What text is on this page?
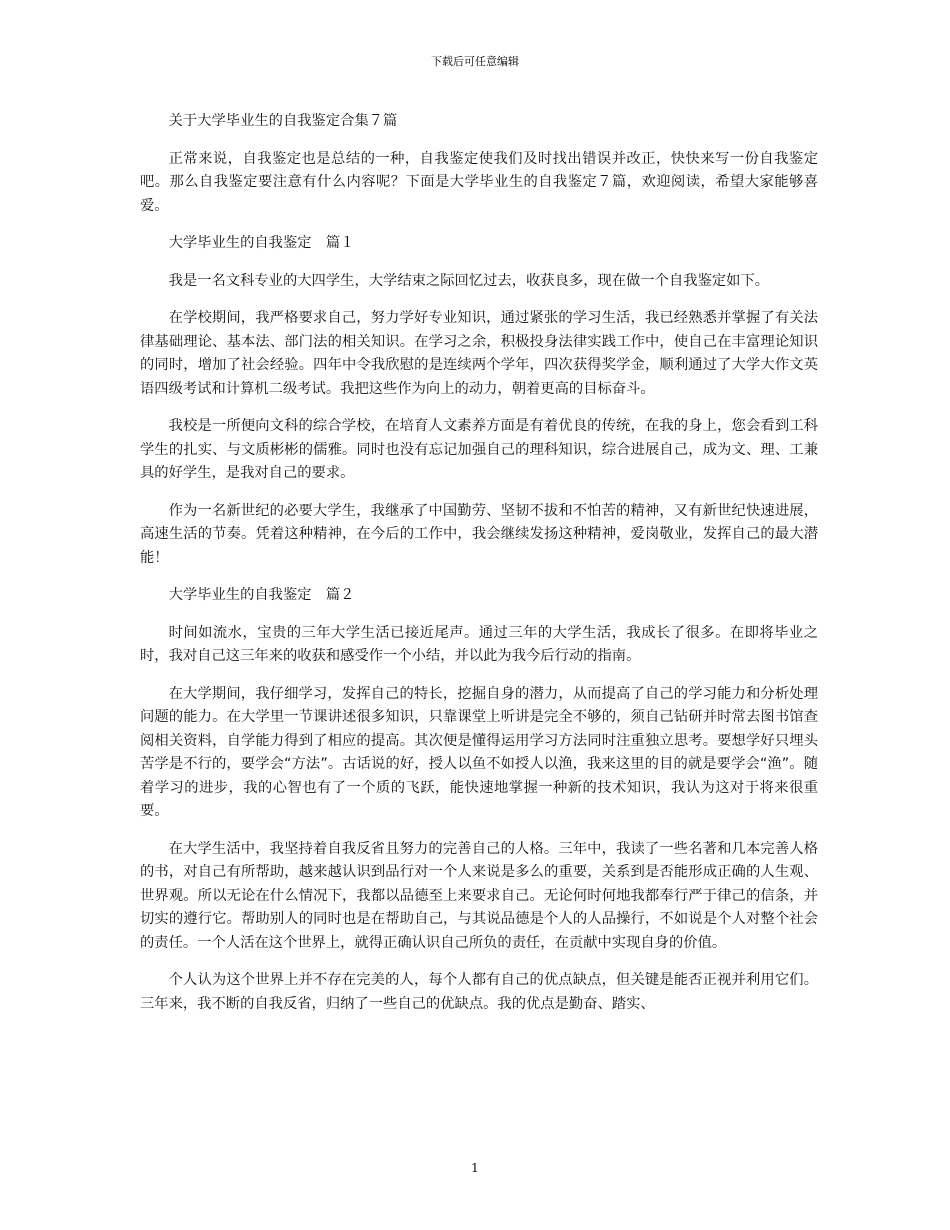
下载后可任意编辑

关于大学毕业生的自我鉴定合集７篇

正常来说，自我鉴定也是总结的一种，自我鉴定使我们及时找出错误并改正，快快来写一份自我鉴定吧。那么自我鉴定要注意有什么内容呢？下面是大学毕业生的自我鉴定７篇，欢迎阅读，希望大家能够喜爱。

大学毕业生的自我鉴定　篇１

我是一名文科专业的大四学生，大学结束之际回忆过去，收获良多，现在做一个自我鉴定如下。

在学校期间，我严格要求自己，努力学好专业知识，通过紧张的学习生活，我已经熟悉并掌握了有关法律基础理论、基本法、部门法的相关知识。在学习之余，积极投身法律实践工作中，使自己在丰富理论知识的同时，增加了社会经验。四年中令我欣慰的是连续两个学年，四次获得奖学金，顺利通过了大学大作文英语四级考试和计算机二级考试。我把这些作为向上的动力，朝着更高的目标奋斗。

我校是一所便向文科的综合学校，在培育人文素养方面是有着优良的传统，在我的身上，您会看到工科学生的扎实、与文质彬彬的儒雅。同时也没有忘记加强自己的理科知识，综合进展自己，成为文、理、工兼具的好学生，是我对自己的要求。

作为一名新世纪的必要大学生，我继承了中国勤劳、坚韧不拔和不怕苦的精神，又有新世纪快速进展，高速生活的节奏。凭着这种精神，在今后的工作中，我会继续发扬这种精神，爱岗敬业，发挥自己的最大潜能！

大学毕业生的自我鉴定　篇２

时间如流水，宝贵的三年大学生活已接近尾声。通过三年的大学生活，我成长了很多。在即将毕业之时，我对自己这三年来的收获和感受作一个小结，并以此为我今后行动的指南。

在大学期间，我仔细学习，发挥自己的特长，挖掘自身的潜力，从而提高了自己的学习能力和分析处理问题的能力。在大学里一节课讲述很多知识，只靠课堂上听讲是完全不够的，须自己钻研并时常去图书馆查阅相关资料，自学能力得到了相应的提高。其次便是懂得运用学习方法同时注重独立思考。要想学好只埋头苦学是不行的，要学会“方法”。古话说的好，授人以鱼不如授人以渔，我来这里的目的就是要学会“渔”。随着学习的进步，我的心智也有了一个质的飞跃，能快速地掌握一种新的技术知识，我认为这对于将来很重要。

在大学生活中，我坚持着自我反省且努力的完善自己的人格。三年中，我读了一些名著和几本完善人格的书，对自己有所帮助，越来越认识到品行对一个人来说是多么的重要，关系到是否能形成正确的人生观、世界观。所以无论在什么情况下，我都以品德至上来要求自己。无论何时何地我都奉行严于律己的信条，并切实的遵行它。帮助别人的同时也是在帮助自己，与其说品德是个人的人品操行，不如说是个人对整个社会的责任。一个人活在这个世界上，就得正确认识自己所负的责任，在贡献中实现自身的价值。

个人认为这个世界上并不存在完美的人，每个人都有自己的优点缺点，但关键是能否正视并利用它们。三年来，我不断的自我反省，归纳了一些自己的优缺点。我的优点是勤奋、踏实、

1
